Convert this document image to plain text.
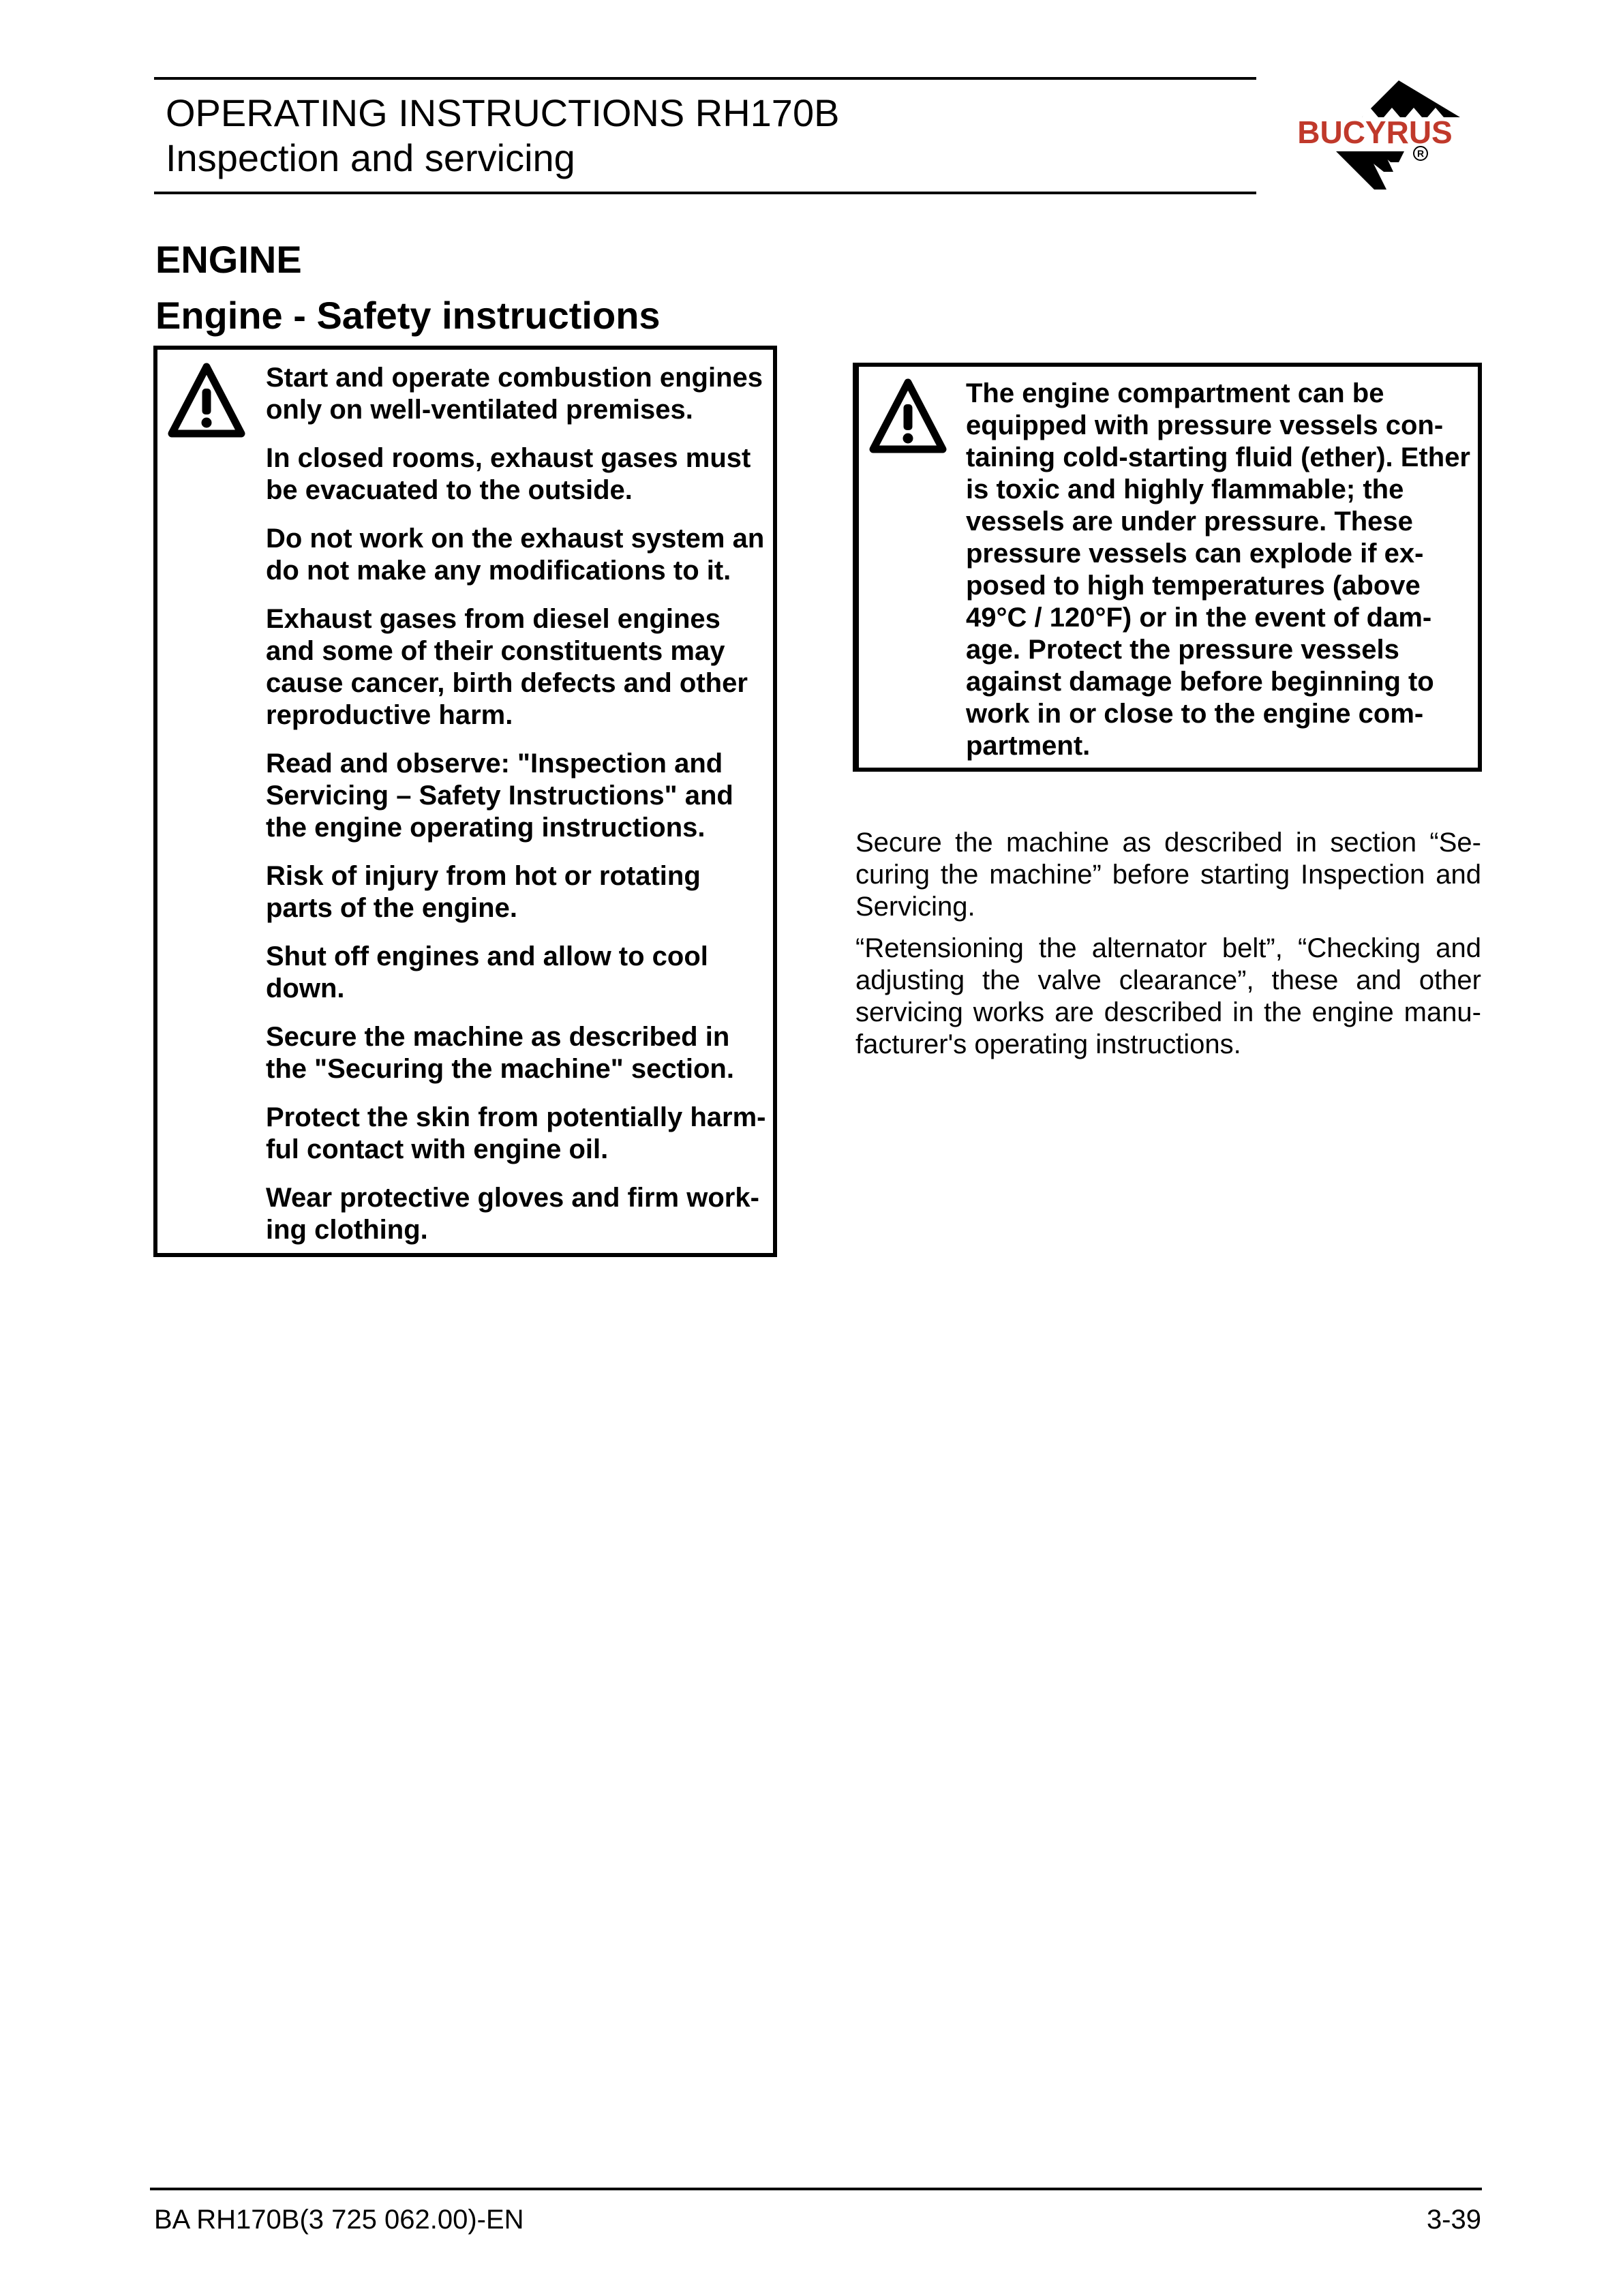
OPERATING INSTRUCTIONS RH170B
Inspection and servicing
BUCYRUS
R
ENGINE
Engine - Safety instructions

Start and operate combustion engines only on well-ventilated premises.

In closed rooms, exhaust gases must be evacuated to the outside.

Do not work on the exhaust system an do not make any modifications to it.

Exhaust gases from diesel engines and some of their constituents may cause cancer, birth defects and other reproductive harm.

Read and observe: "Inspection and Servicing – Safety Instructions" and the engine operating instructions.

Risk of injury from hot or rotating parts of the engine.

Shut off engines and allow to cool down.

Secure the machine as described in the "Securing the machine" section.

Protect the skin from potentially harm-ful contact with engine oil.

Wear protective gloves and firm work-ing clothing.

The engine compartment can be equipped with pressure vessels con-taining cold-starting fluid (ether). Ether is toxic and highly flammable; the vessels are under pressure. These pressure vessels can explode if ex-posed to high temperatures (above 49°C / 120°F) or in the event of dam-age. Protect the pressure vessels against damage before beginning to work in or close to the engine com-partment.

Secure the machine as described in section “Se-curing the machine” before starting Inspection and Servicing.

“Retensioning the alternator belt”, “Checking and adjusting the valve clearance”, these and other servicing works are described in the engine manu-facturer's operating instructions.

BA RH170B(3 725 062.00)-EN	3-39
